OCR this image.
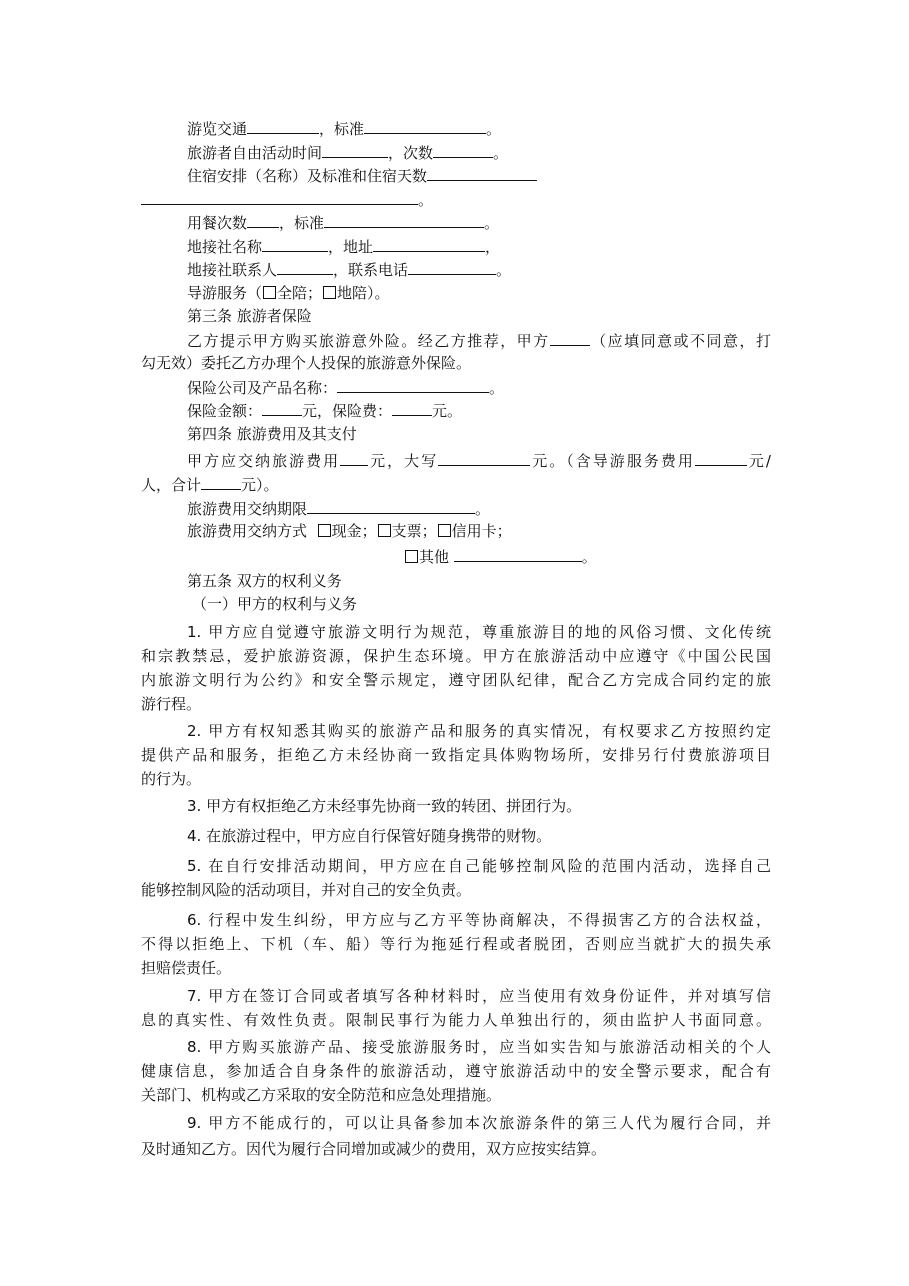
游览交通	，标准	。
旅游者自由活动时间	，次数	。
住宿安排（名称）及标准和住宿天数
。
用餐次数 ，标准	。
地接社名称	，地址	，
地接社联系人	，联系电话	。
导游服务（ 全陪； 地陪）。
第三条 旅游者保险
乙方提示甲方购买旅游意外险。经乙方推荐，甲方	（应填同意或不同意，打
勾无效）委托乙方办理个人投保的旅游意外保险。
保险公司及产品名称：	。
保险金额：	元，保险费：	元。
第四条 旅游费用及其支付
甲方应交纳旅游费用 元，大写	元。（含导游服务费用	元/
人，合计	元）。
旅游费用交纳期限	。
旅游费用交纳方式 现金； 支票； 信用卡；
其他	。
第五条 双方的权利义务
（一）甲方的权利与义务
1. 甲方应自觉遵守旅游文明行为规范，尊重旅游目的地的风俗习惯、文化传统
和宗教禁忌，爱护旅游资源，保护生态环境。甲方在旅游活动中应遵守《中国公民国
内旅游文明行为公约》和安全警示规定，遵守团队纪律，配合乙方完成合同约定的旅
游行程。
2. 甲方有权知悉其购买的旅游产品和服务的真实情况，有权要求乙方按照约定
提供产品和服务，拒绝乙方未经协商一致指定具体购物场所，安排另行付费旅游项目
的行为。
3. 甲方有权拒绝乙方未经事先协商一致的转团、拼团行为。
4. 在旅游过程中，甲方应自行保管好随身携带的财物。
5. 在自行安排活动期间，甲方应在自己能够控制风险的范围内活动，选择自己
能够控制风险的活动项目，并对自己的安全负责。
6. 行程中发生纠纷，甲方应与乙方平等协商解决，不得损害乙方的合法权益，
不得以拒绝上、下机（车、船）等行为拖延行程或者脱团，否则应当就扩大的损失承
担赔偿责任。
7. 甲方在签订合同或者填写各种材料时，应当使用有效身份证件，并对填写信
息的真实性、有效性负责。限制民事行为能力人单独出行的，须由监护人书面同意。
8. 甲方购买旅游产品、接受旅游服务时，应当如实告知与旅游活动相关的个人
健康信息，参加适合自身条件的旅游活动，遵守旅游活动中的安全警示要求，配合有
关部门、机构或乙方采取的安全防范和应急处理措施。
9. 甲方不能成行的，可以让具备参加本次旅游条件的第三人代为履行合同，并
及时通知乙方。因代为履行合同增加或减少的费用，双方应按实结算。
